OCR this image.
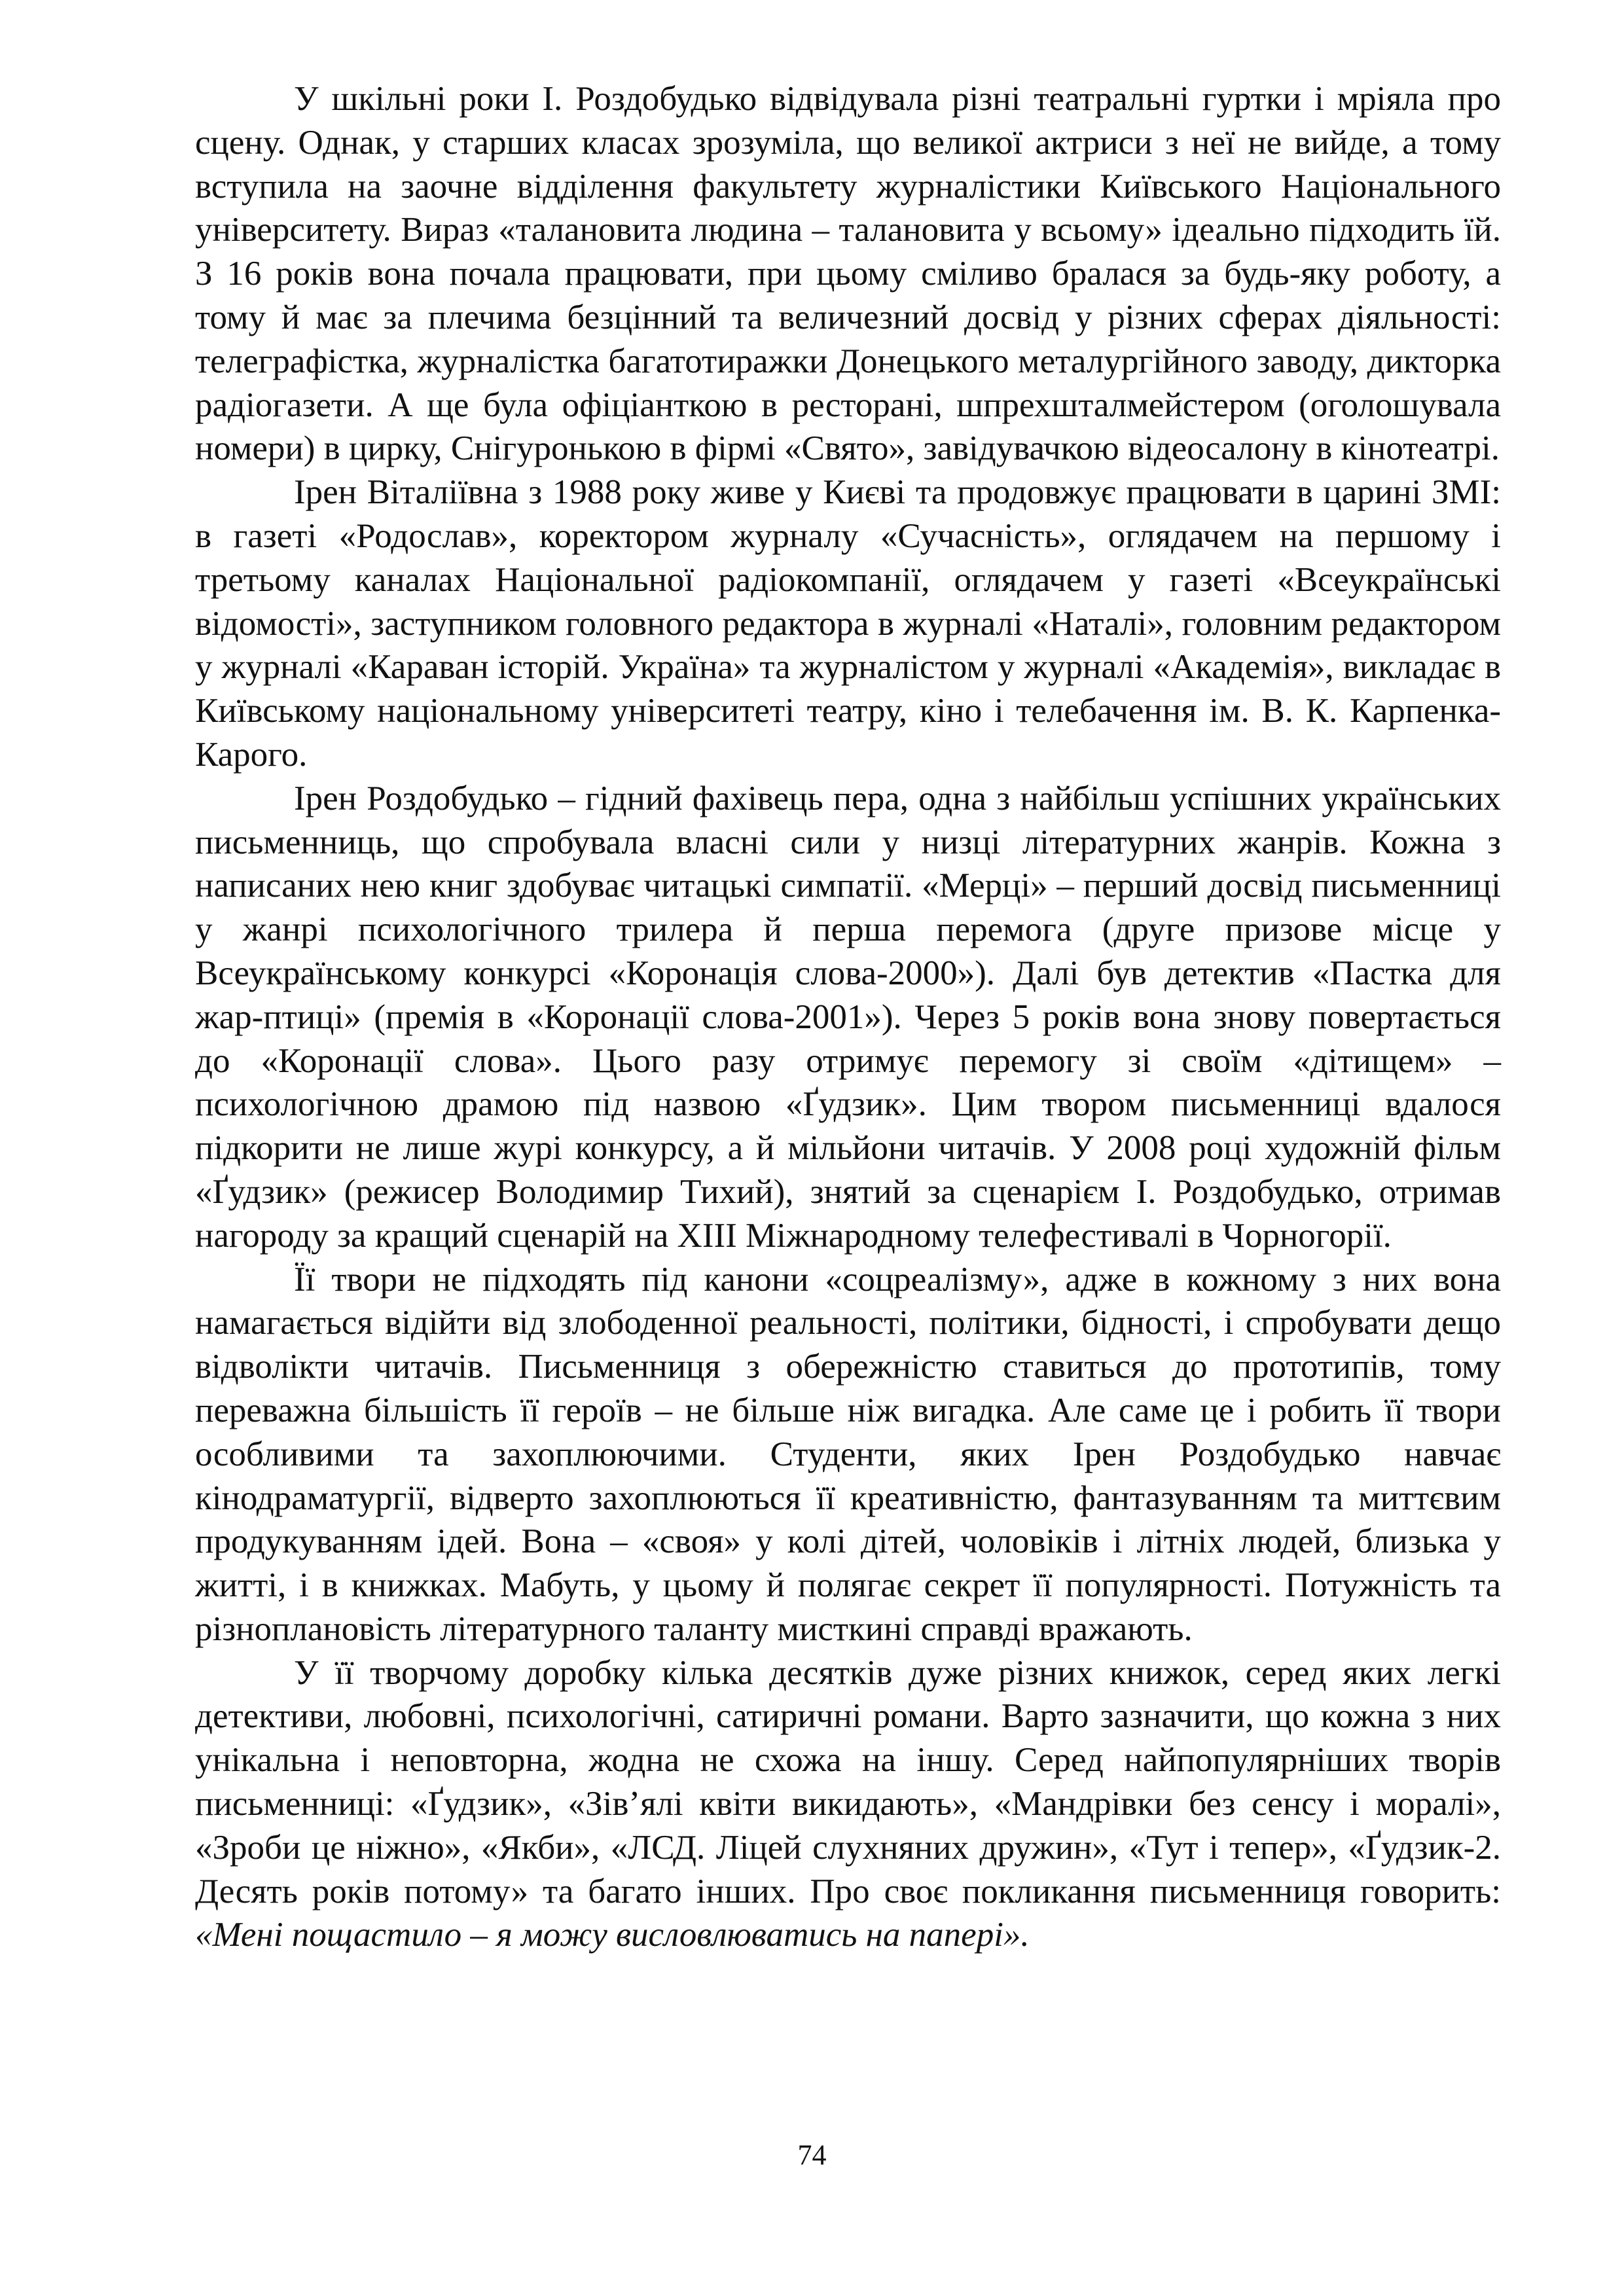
У шкільні роки І. Роздобудько відвідувала різні театральні гуртки і мріяла про сцену. Однак, у старших класах зрозуміла, що великої актриси з неї не вийде, а тому вступила на заочне відділення факультету журналістики Київського Національного університету. Вираз «талановита людина – талановита у всьому» ідеально підходить їй. З 16 років вона почала працювати, при цьому сміливо бралася за будь-яку роботу, а тому й має за плечима безцінний та величезний досвід у різних сферах діяльності: телеграфістка, журналістка багатотиражки Донецького металургійного заводу, дикторка радіогазети. А ще була офіціанткою в ресторані, шпрехшталмейстером (оголошувала номери) в цирку, Снігуронькою в фірмі «Свято», завідувачкою відеосалону в кінотеатрі.

Ірен Віталіївна з 1988 року живе у Києві та продовжує працювати в царині ЗМІ: в газеті «Родослав», коректором журналу «Сучасність», оглядачем на першому і третьому каналах Національної радіокомпанії, оглядачем у газеті «Всеукраїнські відомості», заступником головного редактора в журналі «Наталі», головним редактором у журналі «Караван історій. Україна» та журналістом у журналі «Академія», викладає в Київському національному університеті театру, кіно і телебачення ім. В. К. Карпенка-Карого.

Ірен Роздобудько – гідний фахівець пера, одна з найбільш успішних українських письменниць, що спробувала власні сили у низці літературних жанрів. Кожна з написаних нею книг здобуває читацькі симпатії. «Мерці» – перший досвід письменниці у жанрі психологічного трилера й перша перемога (друге призове місце у Всеукраїнському конкурсі «Коронація слова-2000»). Далі був детектив «Пастка для жар-птиці» (премія в «Коронації слова-2001»). Через 5 років вона знову повертається до «Коронації слова». Цього разу отримує перемогу зі своїм «дітищем» – психологічною драмою під назвою «Ґудзик». Цим твором письменниці вдалося підкорити не лише журі конкурсу, а й мільйони читачів. У 2008 році художній фільм «Ґудзик» (режисер Володимир Тихий), знятий за сценарієм І. Роздобудько, отримав нагороду за кращий сценарій на XIII Міжнародному телефестивалі в Чорногорії.

Її твори не підходять під канони «соцреалізму», адже в кожному з них вона намагається відійти від злободенної реальності, політики, бідності, і спробувати дещо відволікти читачів. Письменниця з обережністю ставиться до прототипів, тому переважна більшість її героїв – не більше ніж вигадка. Але саме це і робить її твори особливими та захоплюючими. Студенти, яких Ірен Роздобудько навчає кінодраматургії, відверто захоплюються її креативністю, фантазуванням та миттєвим продукуванням ідей. Вона – «своя» у колі дітей, чоловіків і літніх людей, близька у житті, і в книжках. Мабуть, у цьому й полягає секрет її популярності. Потужність та різноплановість літературного таланту мисткині справді вражають.

У її творчому доробку кілька десятків дуже різних книжок, серед яких легкі детективи, любовні, психологічні, сатиричні романи. Варто зазначити, що кожна з них унікальна і неповторна, жодна не схожа на іншу. Серед найпопулярніших творів письменниці: «Ґудзик», «Зів’ялі квіти викидають», «Мандрівки без сенсу і моралі», «Зроби це ніжно», «Якби», «ЛСД. Ліцей слухняних дружин», «Тут і тепер», «Ґудзик-2. Десять років потому» та багато інших. Про своє покликання письменниця говорить: «Мені пощастило – я можу висловлюватись на папері».

74
